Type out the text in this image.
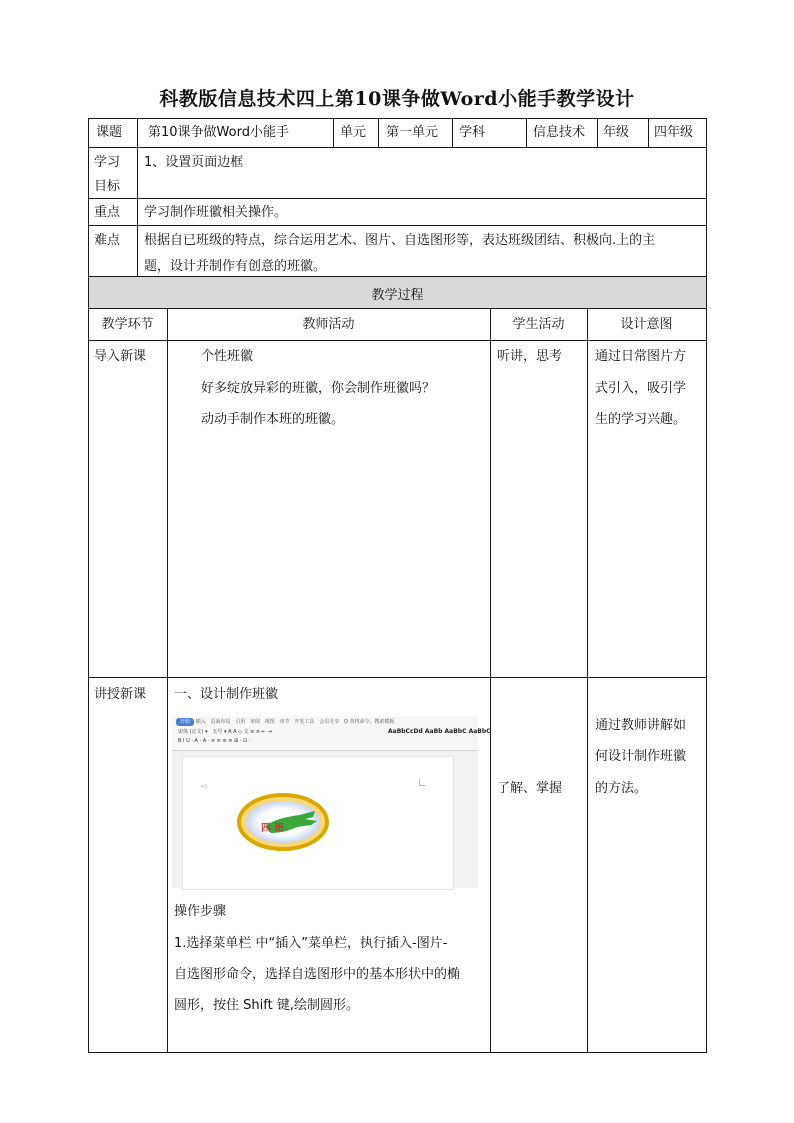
科教版信息技术四上第10课争做Word小能手教学设计
教学过程
课题 第10课争做Word小能手	单元 第一单元 学科	信息技术 年级 四年级
学习
目标
1、设置页面边框
重点 学习制作班徽相关操作。
难点 根据自已班级的特点，综合运用艺术、图片、自选图形等，表达班级团结、积极向.上的主
题，设计并制作有创意的班徽。
教学环节	教师活动	学生活动	设计意图
导入新课	个性班徽
好多绽放异彩的班徽，你会制作班徽吗？
动动手制作本班的班徽。
听讲，思考	通过日常图片方
式引入，吸引学
生的学习兴趣。
讲授新课 一、设计制作班徽
开始 插入 页面布局 引用 审阅 视图 章节 开发工具 会员专享 Q 查找命令、搜索模板
宋体 (正文) ▾   五号 ▾ A A ◇ 文 ≡ ≡ ⇤ ⇥
B I U · A · A · ≡ ≡ ≡ ≡ ⊞ · ⊡ ·
AaBbCcDd AaBb AaBbC AaBbC
↵|
四 班
操作步骤
1.选择菜单栏 中“插入”菜单栏，执行插入-图片-
自选图形命令，选择自选图形中的基本形状中的椭
圆形，按住 Shift 键,绘制圆形。
了解、掌握
通过教师讲解如
何设计制作班徽
的方法。
